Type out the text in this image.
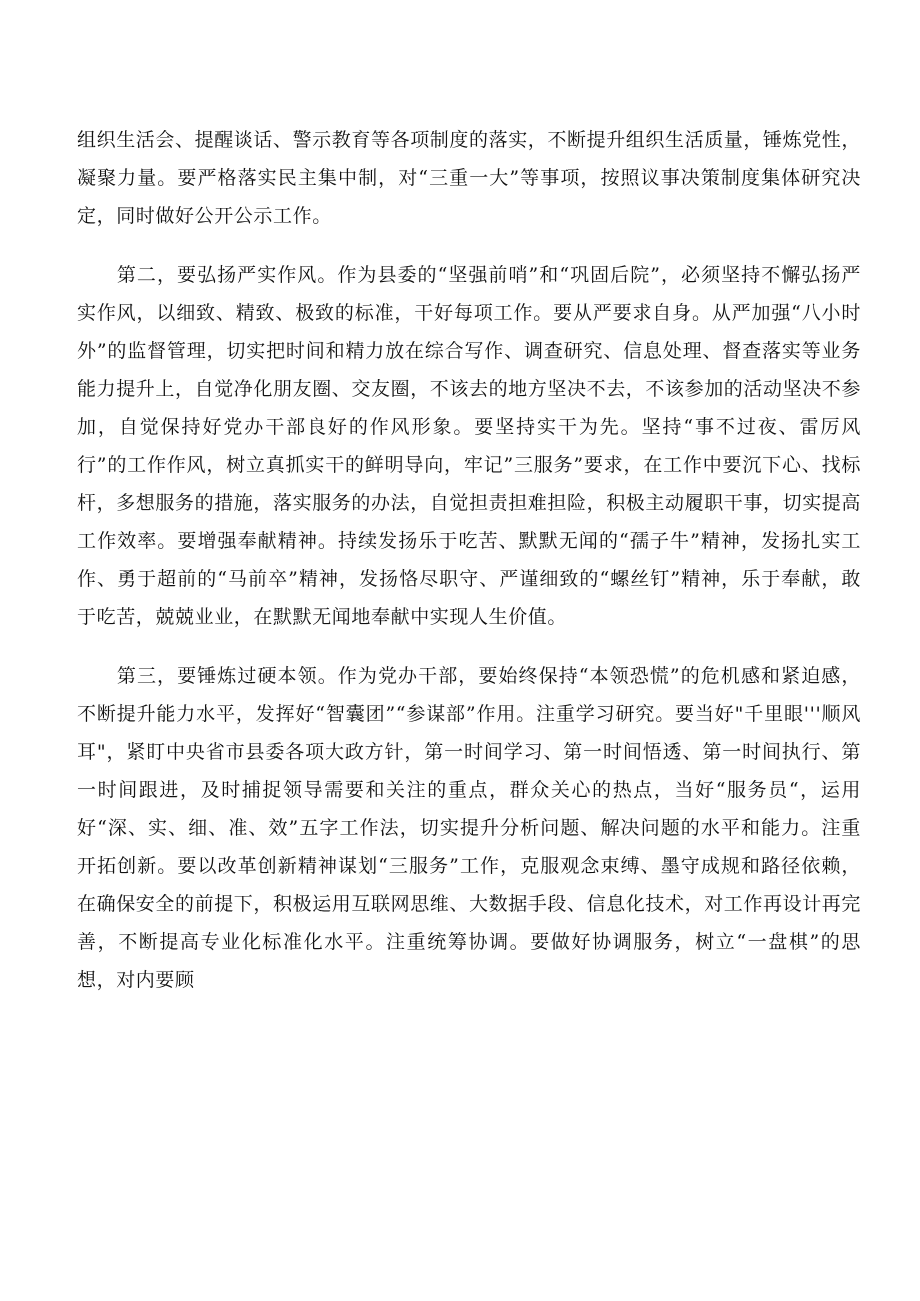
组织生活会、提醒谈话、警示教育等各项制度的落实，不断提升组织生活质量，锤炼党性，凝聚力量。要严格落实民主集中制，对“三重一大”等事项，按照议事决策制度集体研究决定，同时做好公开公示工作。

第二，要弘扬严实作风。作为县委的“坚强前哨”和“巩固后院”，必须坚持不懈弘扬严实作风，以细致、精致、极致的标准，干好每项工作。要从严要求自身。从严加强“八小时外”的监督管理，切实把时间和精力放在综合写作、调查研究、信息处理、督查落实等业务能力提升上，自觉净化朋友圈、交友圈，不该去的地方坚决不去，不该参加的活动坚决不参加，自觉保持好党办干部良好的作风形象。要坚持实干为先。坚持“事不过夜、雷厉风行”的工作作风，树立真抓实干的鲜明导向，牢记”三服务”要求，在工作中要沉下心、找标杆，多想服务的措施，落实服务的办法，自觉担责担难担险，积极主动履职干事，切实提高工作效率。要增强奉献精神。持续发扬乐于吃苦、默默无闻的“孺子牛”精神，发扬扎实工作、勇于超前的“马前卒”精神，发扬恪尽职守、严谨细致的“螺丝钉”精神，乐于奉献，敢于吃苦，兢兢业业，在默默无闻地奉献中实现人生价值。

第三，要锤炼过硬本领。作为党办干部，要始终保持“本领恐慌”的危机感和紧迫感，不断提升能力水平，发挥好“智囊团”“参谋部”作用。注重学习研究。要当好"千里眼'''顺风耳"，紧盯中央省市县委各项大政方针，第一时间学习、第一时间悟透、第一时间执行、第一时间跟进，及时捕捉领导需要和关注的重点，群众关心的热点，当好“服务员“，运用好“深、实、细、准、效”五字工作法，切实提升分析问题、解决问题的水平和能力。注重开拓创新。要以改革创新精神谋划“三服务”工作，克服观念束缚、墨守成规和路径依赖，在确保安全的前提下，积极运用互联网思维、大数据手段、信息化技术，对工作再设计再完善，不断提高专业化标准化水平。注重统筹协调。要做好协调服务，树立“一盘棋”的思想，对内要顾
